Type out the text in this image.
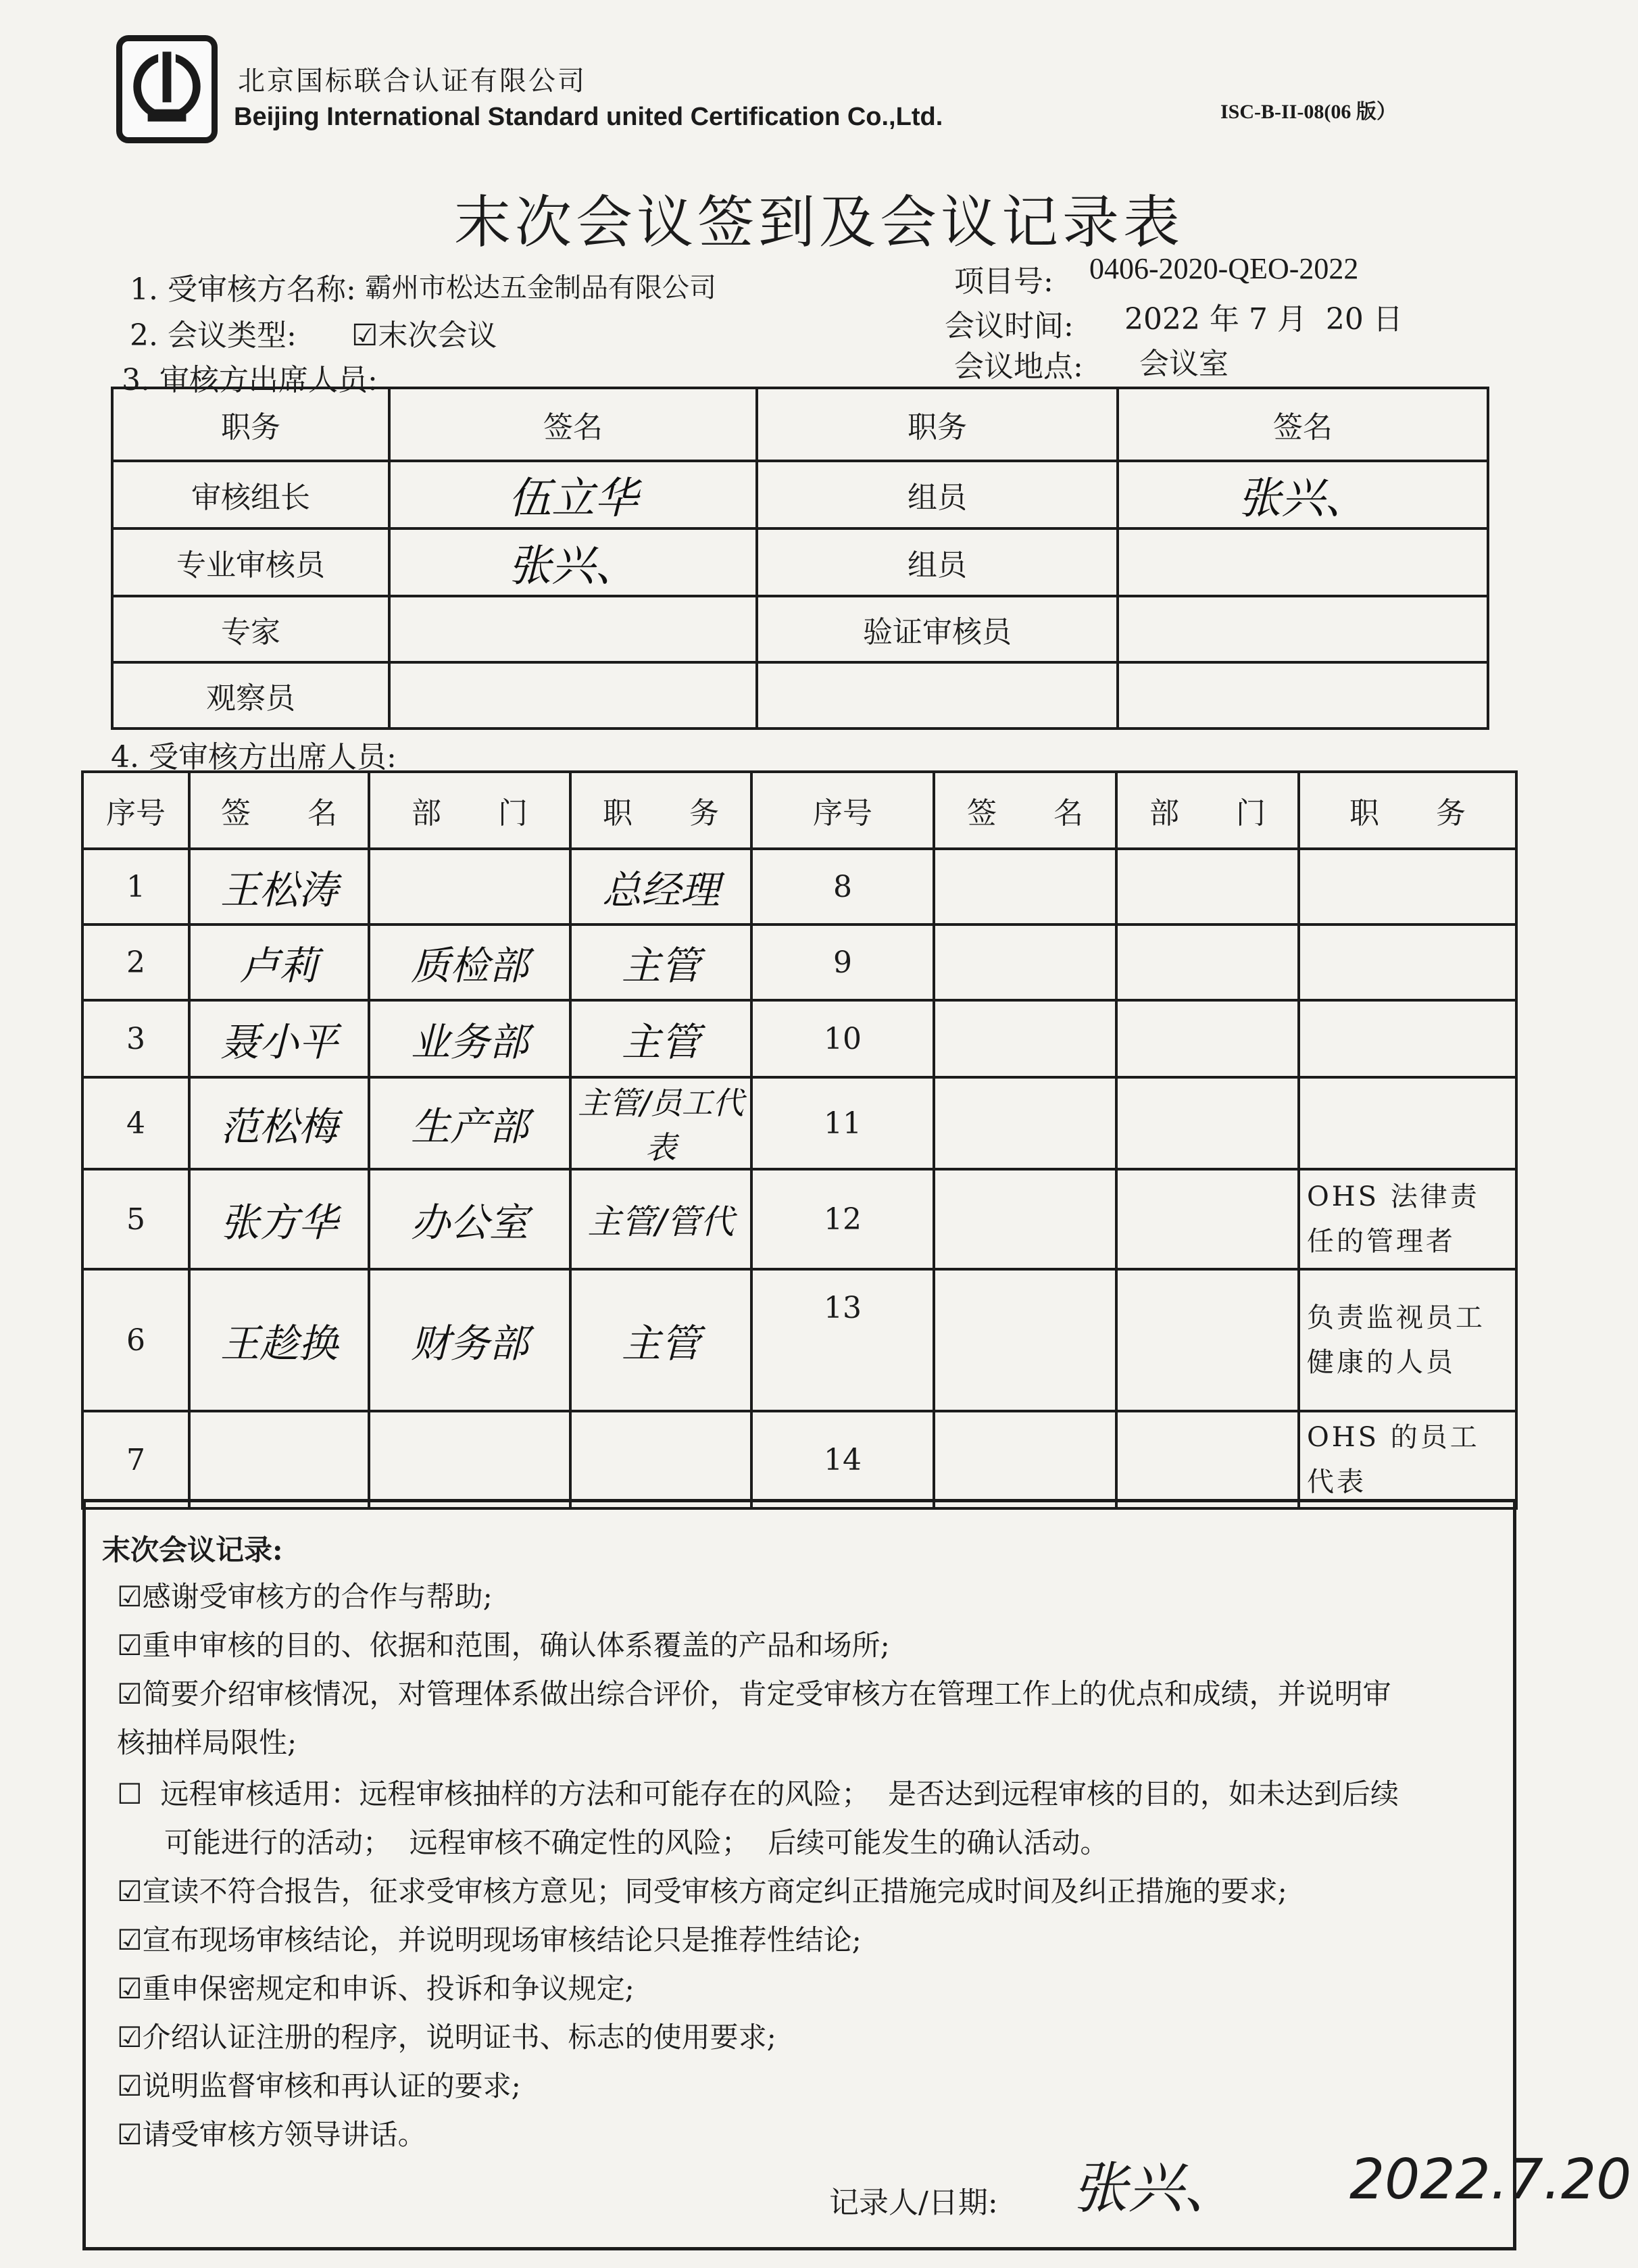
北京国标联合认证有限公司
Beijing International Standard united Certification Co.,Ltd.	ISC-B-II-08(06 版）
末次会议签到及会议记录表
1. 受审核方名称: 霸州市松达五金制品有限公司
2. 会议类型: ☑末次会议
3. 审核方出席人员:
项目号: 0406-2020-QEO-2022
会议时间: 2022 年 7 月  20 日
会议地点: 会议室
职务	签名	职务	签名
审核组长	伍立华	组员	张兴、
专业审核员	张兴、	组员	
专家		验证审核员	
观察员			
4. 受审核方出席人员:
序号	签      名	部      门	职      务	序号	签      名	部      门	职      务
1	王松涛		总经理	8			
2	卢莉	质检部	主管	9			
3	聂小平	业务部	主管	10			
4	范松梅	生产部	主管/员工代表	11			
5	张方华	办公室	主管/管代	12			OHS 法律责任的管理者
6	王趁换	财务部	主管	13			负责监视员工健康的人员
7				14			OHS 的员工代表
末次会议记录:
☑感谢受审核方的合作与帮助;
☑重申审核的目的、依据和范围，确认体系覆盖的产品和场所;
☑简要介绍审核情况，对管理体系做出综合评价，肯定受审核方在管理工作上的优点和成绩，并说明审
核抽样局限性;
☐  远程审核适用：远程审核抽样的方法和可能存在的风险；  是否达到远程审核的目的，如未达到后续
可能进行的活动；  远程审核不确定性的风险；  后续可能发生的确认活动。
☑宣读不符合报告，征求受审核方意见；同受审核方商定纠正措施完成时间及纠正措施的要求;
☑宣布现场审核结论，并说明现场审核结论只是推荐性结论;
☑重申保密规定和申诉、投诉和争议规定;
☑介绍认证注册的程序，说明证书、标志的使用要求;
☑说明监督审核和再认证的要求;
☑请受审核方领导讲话。
记录人/日期: 张兴、 2022.7.20
